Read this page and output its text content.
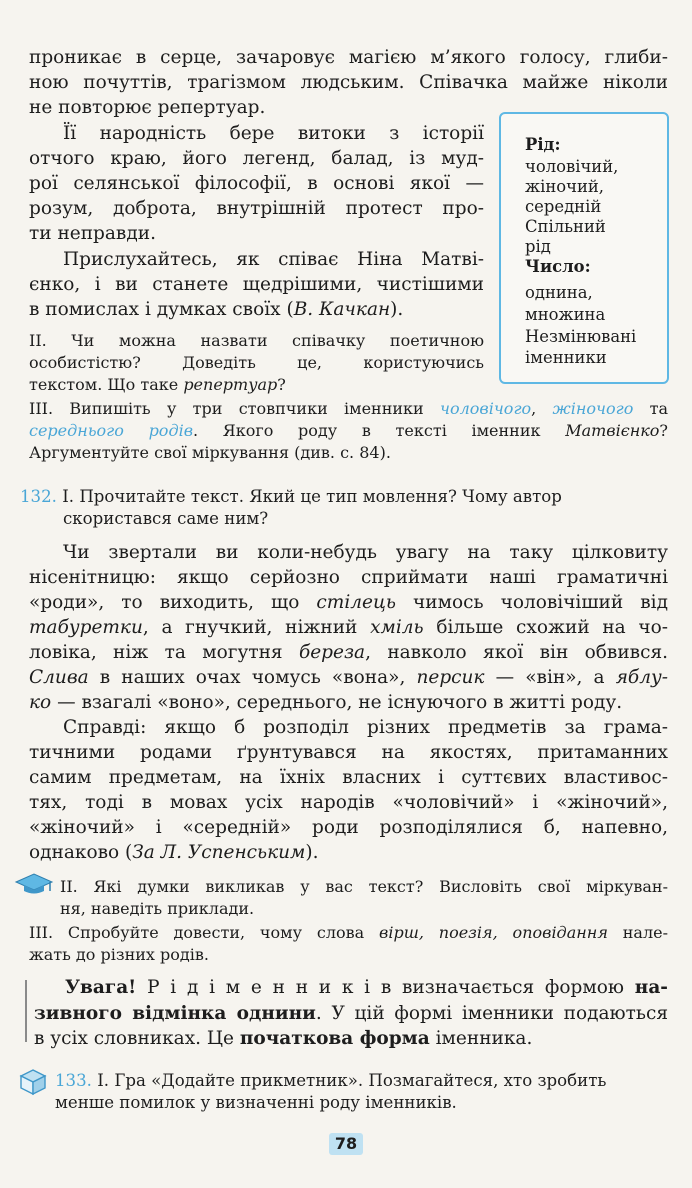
проникає в серце, зачаровує магією м’якого голосу, глиби-
ною почуттів, трагізмом людським. Співачка майже ніколи
не повторює репертуар.
Її народність бере витоки з історії
отчого краю, його легенд, балад, із муд-
рої селянської філософії, в основі якої —
розум, доброта, внутрішній протест про-
ти неправди.
Прислухайтесь, як співає Ніна Матві-
єнко, і ви станете щедрішими, чистішими
в помислах і думках своїх (В. Качкан).
Рід:
чоловічий,
жіночий,
середній
Спільний
рід
Число:
однина,
множина
Незмінювані
іменники
II. Чи можна назвати співачку поетичною
особистістю? Доведіть це, користуючись
текстом. Що таке репертуар?
III. Випишіть у три стовпчики іменники чоловічого, жіночого та
середнього родів. Якого роду в тексті іменник Матвієнко?
Аргументуйте свої міркування (див. с. 84).
132. I. Прочитайте текст. Який це тип мовлення? Чому автор
скористався саме ним?
Чи звертали ви коли-небудь увагу на таку цілковиту
нісенітницю: якщо серйозно сприймати наші граматичні
«роди», то виходить, що стілець чимось чоловічіший від
табуретки, а гнучкий, ніжний хміль більше схожий на чо-
ловіка, ніж та могутня береза, навколо якої він обвився.
Слива в наших очах чомусь «вона», персик — «він», а яблу-
ко — взагалі «воно», середнього, не існуючого в житті роду.
Справді: якщо б розподіл різних предметів за грама-
тичними родами ґрунтувався на якостях, притаманних
самим предметам, на їхніх власних і суттєвих властивос-
тях, тоді в мовах усіх народів «чоловічий» і «жіночий»,
«жіночий» і «середній» роди розподілялися б, напевно,
однаково (За Л. Успенським).
II. Які думки викликав у вас текст? Висловіть свої міркуван-
ня, наведіть приклади.
III. Спробуйте довести, чому слова вірш, поезія, оповідання нале-
жать до різних родів.
Увага! Р і д і м е н н и к і в визначається формою на-
зивного відмінка однини. У цій формі іменники подаються
в усіх словниках. Це початкова форма іменника.
133. I. Гра «Додайте прикметник». Позмагайтеся, хто зробить
менше помилок у визначенні роду іменників.
78
